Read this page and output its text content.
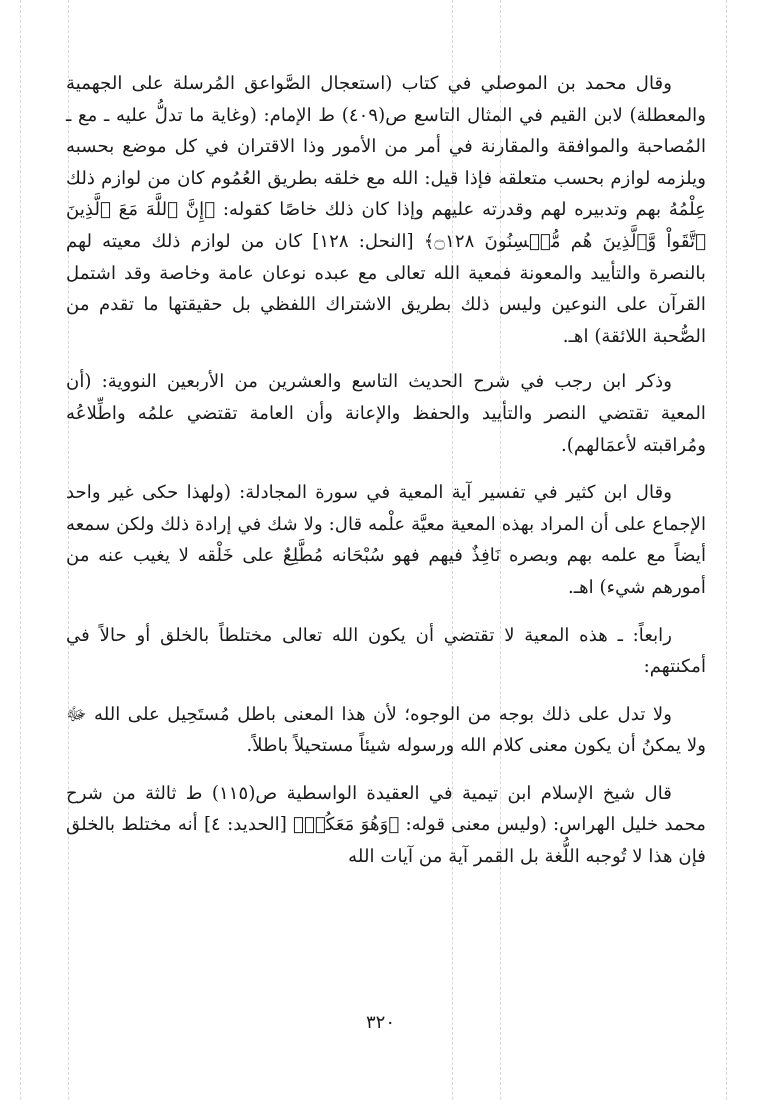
وقال محمد بن الموصلي في كتاب (استعجال الصَّواعق المُرسلة على الجهمية والمعطلة) لابن القيم في المثال التاسع ص(٤٠٩) ط الإمام: (وغاية ما تدلُّ عليه ـ مع ـ المُصاحبة والموافقة والمقارنة في أمر من الأمور وذا الاقتران في كل موضع بحسبه ويلزمه لوازم بحسب متعلقه فإذا قيل: الله مع خلقه بطريق العُمُوم كان من لوازم ذلك عِلْمُهُ بهم وتدبيره لهم وقدرته عليهم وإذا كان ذلك خاصًا كقوله: ﴿إِنَّ ٱللَّهَ مَعَ ٱلَّذِينَ ٱتَّقَواْ وَّٱلَّذِينَ هُم مُّحۡسِنُونَ ۝١٢٨﴾ [النحل: ١٢٨] كان من لوازم ذلك معيته لهم بالنصرة والتأييد والمعونة فمعية الله تعالى مع عبده نوعان عامة وخاصة وقد اشتمل القرآن على النوعين وليس ذلك بطريق الاشتراك اللفظي بل حقيقتها ما تقدم من الصُّحبة اللائقة) اهـ.

وذكر ابن رجب في شرح الحديث التاسع والعشرين من الأربعين النووية: (أن المعية تقتضي النصر والتأييد والحفظ والإعانة وأن العامة تقتضي علمُه واطِّلاعُه ومُراقبته لأعمَالهم).

وقال ابن كثير في تفسير آية المعية في سورة المجادلة: (ولهذا حكى غير واحد الإجماع على أن المراد بهذه المعية معيَّة علْمه قال: ولا شك في إرادة ذلك ولكن سمعه أيضاً مع علمه بهم وبصره نَافِذٌ فيهم فهو سُبْحَانه مُطَّلِعٌ على خَلْقه لا يغيب عنه من أمورهم شيء) اهـ.

رابعاً: ـ هذه المعية لا تقتضي أن يكون الله تعالى مختلطاً بالخلق أو حالاً في أمكنتهم:

ولا تدل على ذلك بوجه من الوجوه؛ لأن هذا المعنى باطل مُستَحِيل على الله ﷻ ولا يمكنُ أن يكون معنى كلام الله ورسوله شيئاً مستحيلاً باطلاً.

قال شيخ الإسلام ابن تيمية في العقيدة الواسطية ص(١١٥) ط ثالثة من شرح محمد خليل الهراس: (وليس معنى قوله: ﴿وَهُوَ مَعَكُمۡ﴾ [الحديد: ٤] أنه مختلط بالخلق فإن هذا لا تُوجبه اللُّغة بل القمر آية من آيات الله

٣٢٠
